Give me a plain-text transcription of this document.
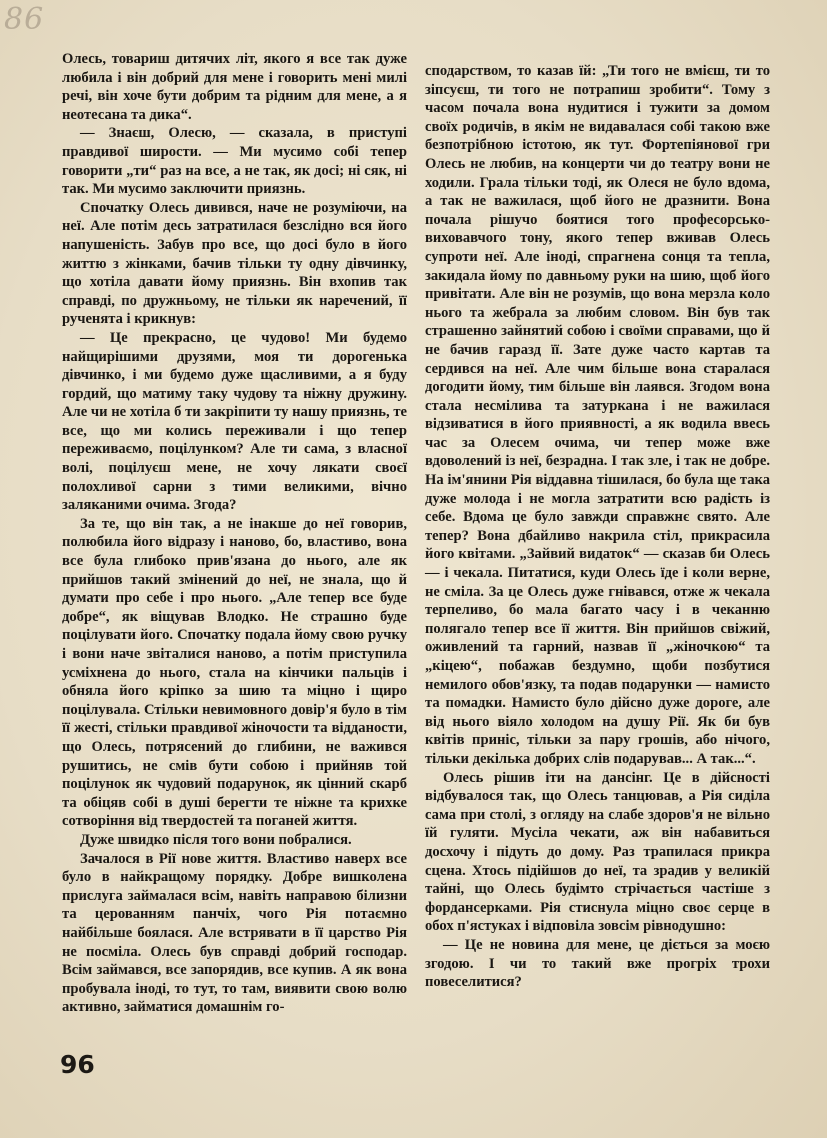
86

Олесь, товариш дитячих літ, якого я все так дуже любила і він добрий для мене і говорить мені милі речі, він хоче бути добрим та рідним для мене, а я неотесана та дика“.

— Знаєш, Олесю, — сказала, в приступі правдивої ширости. — Ми мусимо собі тепер говорити „ти“ раз на все, а не так, як досі; ні сяк, ні так. Ми мусимо заключити приязнь.

Спочатку Олесь дивився, наче не розуміючи, на неї. Але потім десь затратилася безслідно вся його напушеність. Забув про все, що досі було в його життю з жінками, бачив тільки ту одну дівчинку, що хотіла давати йому приязнь. Він вхопив так справді, по дружньому, не тільки як наречений, її рученята і крикнув:

— Це прекрасно, це чудово! Ми будемо найщирішими друзями, моя ти дорогенька дівчинко, і ми будемо дуже щасливими, а я буду гордий, що матиму таку чудову та ніжну дружину. Але чи не хотіла б ти закріпити ту нашу приязнь, те все, що ми колись переживали і що тепер переживаємо, поцілунком? Але ти сама, з власної волі, поцілуєш мене, не хочу лякати своєї полохливої сарни з тими великими, вічно заляканими очима. Згода?

За те, що він так, а не інакше до неї говорив, полюбила його відразу і наново, бо, властиво, вона все була глибоко прив'язана до нього, але як прийшов такий змінений до неї, не знала, що й думати про себе і про нього. „Але тепер все буде добре“, як віщував Влодко. Не страшно буде поцілувати його. Спочатку подала йому свою ручку і вони наче звіталися наново, а потім приступила усміхнена до нього, стала на кінчики пальців і обняла його кріпко за шию та міцно і щиро поцілувала. Стільки невимовного довір'я було в тім її жесті, стільки правдивої жіночости та відданости, що Олесь, потрясений до глибини, не важився рушитись, не смів бути собою і прийняв той поцілунок як чудовий подарунок, як цінний скарб та обіцяв собі в душі берегти те ніжне та крихке сотворіння від твердостей та поганей життя.

Дуже швидко після того вони побралися.

Зачалося в Рії нове життя. Властиво наверх все було в найкращому порядку. Добре вишколена прислуга займалася всім, навіть направою білизни та церованням панчіх, чого Рія потаємно найбільше боялася. Але встрявати в її царство Рія не посміла. Олесь був справді добрий господар. Всім займався, все запорядив, все купив. А як вона пробувала іноді, то тут, то там, виявити свою волю активно, займатися домашнім го-

сподарством, то казав їй: „Ти того не вмієш, ти то зіпсуєш, ти того не потрапиш зробити“. Тому з часом почала вона нудитися і тужити за домом своїх родичів, в якім не видавалася собі такою вже безпотрібною істотою, як тут. Фортепіянової гри Олесь не любив, на концерти чи до театру вони не ходили. Грала тільки тоді, як Олеся не було вдома, а так не важилася, щоб його не дразнити. Вона почала рішучо боятися того професорсько-виховавчого тону, якого тепер вживав Олесь супроти неї. Але іноді, спрагнена сонця та тепла, закидала йому по давньому руки на шию, щоб його привітати. Але він не розумів, що вона мерзла коло нього та жебрала за любим словом. Він був так страшенно зайнятий собою і своїми справами, що й не бачив гаразд її. Зате дуже часто картав та сердився на неї. Але чим більше вона старалася догодити йому, тим більше він лаявся. Згодом вона стала несмілива та затуркана і не важилася відзиватися в його приявності, а як водила ввесь час за Олесем очима, чи тепер може вже вдоволений із неї, безрадна. І так зле, і так не добре. На ім'янини Рія віддавна тішилася, бо була ще така дуже молода і не могла затратити всю радість із себе. Вдома це було завжди справжнє свято. Але тепер? Вона дбайливо накрила стіл, прикрасила його квітами. „Зайвий видаток“ — сказав би Олесь — і чекала. Питатися, куди Олесь їде і коли верне, не сміла. За це Олесь дуже гнівався, отже ж чекала терпеливо, бо мала багато часу і в чеканню полягало тепер все її життя. Він прийшов свіжий, оживлений та гарний, назвав її „жіночкою“ та „кіцею“, побажав бездумно, щоби позбутися немилого обов'язку, та подав подарунки — намисто та помадки. Намисто було дійсно дуже дороге, але від нього віяло холодом на душу Рії. Як би був квітів приніс, тільки за пару грошів, або нічого, тільки декілька добрих слів подарував... А так...“.

Олесь рішив іти на дансінг. Це в дійсності відбувалося так, що Олесь танцював, а Рія сиділа сама при столі, з огляду на слабе здоров'я не вільно їй гуляти. Мусіла чекати, аж він набавиться досхочу і підуть до дому. Раз трапилася прикра сцена. Хтось підійшов до неї, та зрадив у великій тайні, що Олесь будімто стрічається частіше з фордансерками. Рія стиснула міцно своє серце в обох п'ястуках і відповіла зовсім рівнодушно:

— Це не новина для мене, це діється за моєю згодою. І чи то такий вже прогріх трохи повеселитися?

96
